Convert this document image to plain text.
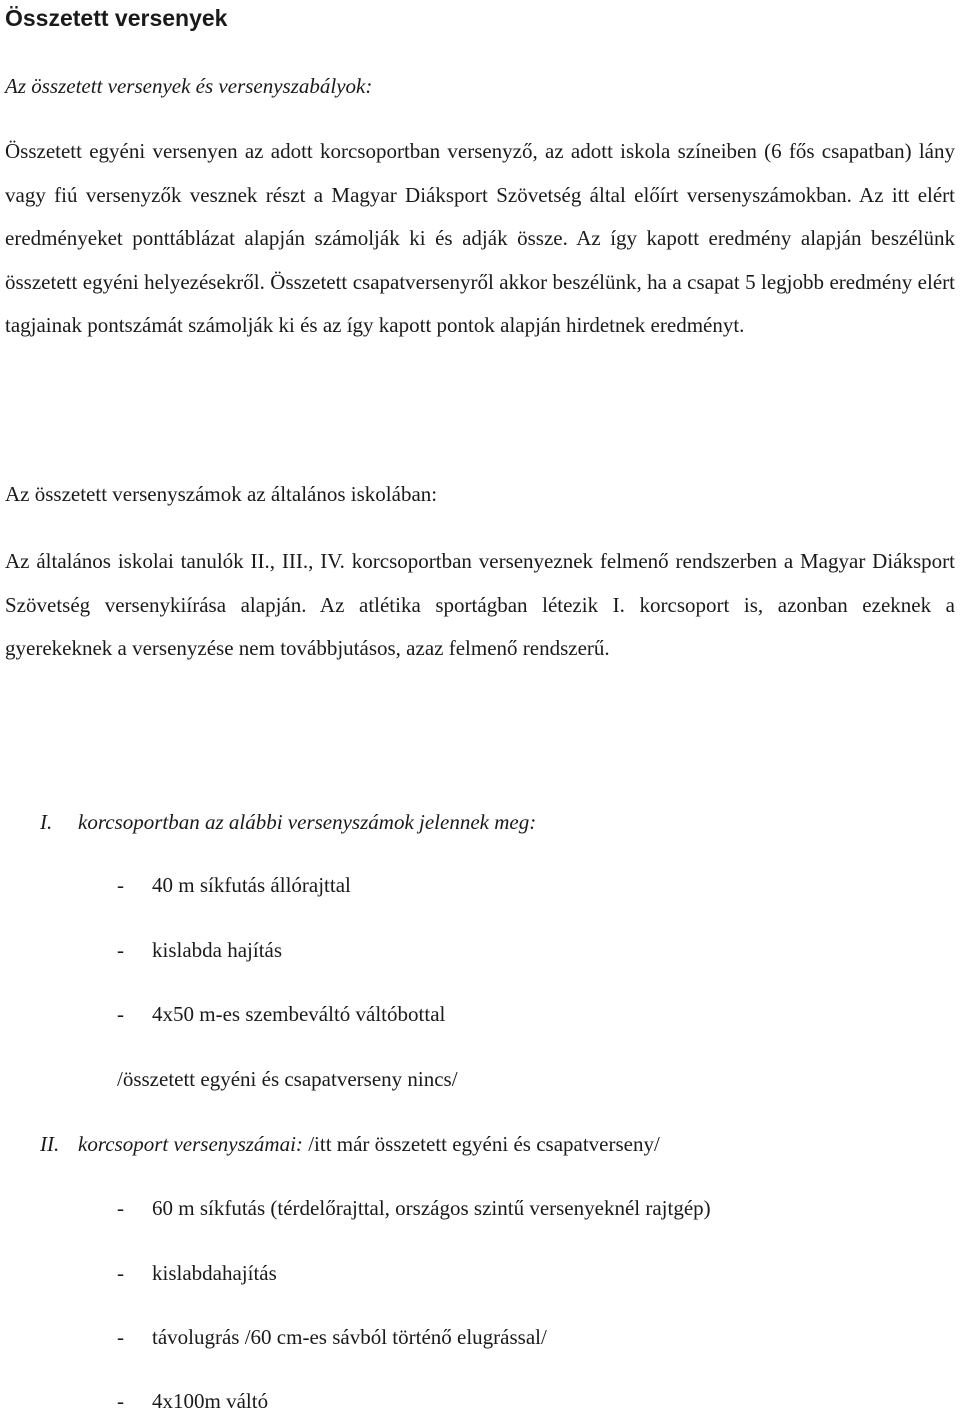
Összetett versenyek

Az összetett versenyek és versenyszabályok:

Összetett egyéni versenyen az adott korcsoportban versenyző, az adott iskola színeiben (6 fős csapatban) lány vagy fiú versenyzők vesznek részt a Magyar Diáksport Szövetség által előírt versenyszámokban. Az itt elért eredményeket ponttáblázat alapján számolják ki és adják össze. Az így kapott eredmény alapján beszélünk összetett egyéni helyezésekről. Összetett csapatversenyről akkor beszélünk, ha a csapat 5 legjobb eredmény elért tagjainak pontszámát számolják ki és az így kapott pontok alapján hirdetnek eredményt.

Az összetett versenyszámok az általános iskolában:

Az általános iskolai tanulók II., III., IV. korcsoportban versenyeznek felmenő rendszerben a Magyar Diáksport Szövetség versenykiírása alapján. Az atlétika sportágban létezik I. korcsoport is, azonban ezeknek a gyerekeknek a versenyzése nem továbbjutásos, azaz felmenő rendszerű.

I. korcsoportban az alábbi versenyszámok jelennek meg:

- 40 m síkfutás állórajttal

- kislabda hajítás

- 4x50 m-es szembeváltó váltóbottal

/összetett egyéni és csapatverseny nincs/

II. korcsoport versenyszámai: /itt már összetett egyéni és csapatverseny/

- 60 m síkfutás (térdelőrajttal, országos szintű versenyeknél rajtgép)

- kislabdahajítás

- távolugrás /60 cm-es sávból történő elugrással/

- 4x100m váltó
